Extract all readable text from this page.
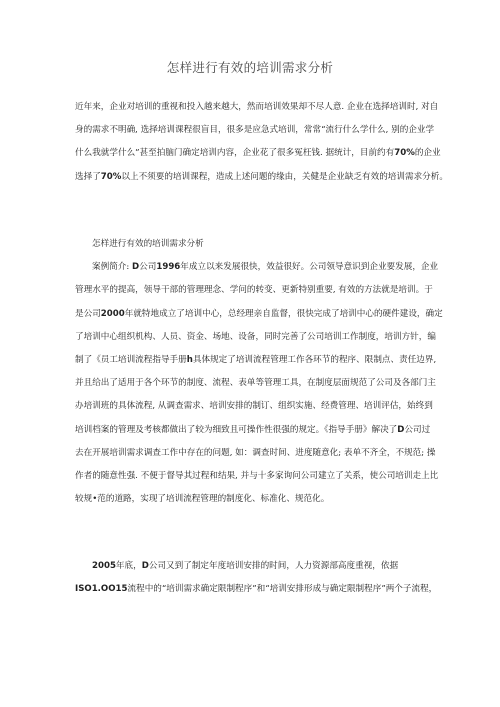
怎样进行有效的培训需求分析
近年来，企业对培训的重视和投入越来越大，然而培训效果却不尽人意. 企业在选择培训时, 对自
身的需求不明确, 选择培训课程很盲目，很多是应急式培训，常常“流行什么学什么, 别的企业学
什么我就学什么”甚至拍脑门确定培训内容，企业花了很多冤枉钱. 据统计，目前约有70%的企业
选择了70%以上不须要的培训课程，造成上述问题的缘由，关健是企业缺乏有效的培训需求分析。
怎样进行有效的培训需求分析
案例简介: D公司1996年成立以来发展很快，效益很好。公司领导意识到企业要发展，企业
管理水平的提高，领导干部的管理理念、学问的转变、更新特别重要, 有效的方法就是培训。于
是公司2000年就特地成立了培训中心，总经理亲自监督，很快完成了培训中心的硬件建设，确定
了培训中心组织机构、人员、资金、场地、设备，同时完善了公司培训工作制度，培训方针，编
制了《员工培训流程指导手册h具体规定了培训流程管理工作各环节的程序、限制点、责任边界,
并且给出了适用于各个环节的制度、流程、表单等管理工具，在制度层面规范了公司及各部门主
办培训班的具体流程, 从调查需求、培训安排的制订、组织实施、经费管理、培训评估，始终到
培训档案的管理及考核都做出了较为细致且可操作性很强的规定。《指导手册》解决了D公司过
去在开展培训需求调查工作中存在的问题, 如：调查时间、进度随意化; 表单不齐全，不规范; 操
作者的随意性强. 不便于督导其过程和结果, 并与十多家询问公司建立了关系，使公司培训走上比
较规•范的道路，实现了培训流程管理的制度化、标准化、规范化。
2005年底，D公司又到了制定年度培训安排的时间，人力资源部高度重视，依据
ISO1.OO15流程中的“培训需求确定限制程序”和“培训安排形成与确定限制程序”两个子流程，
